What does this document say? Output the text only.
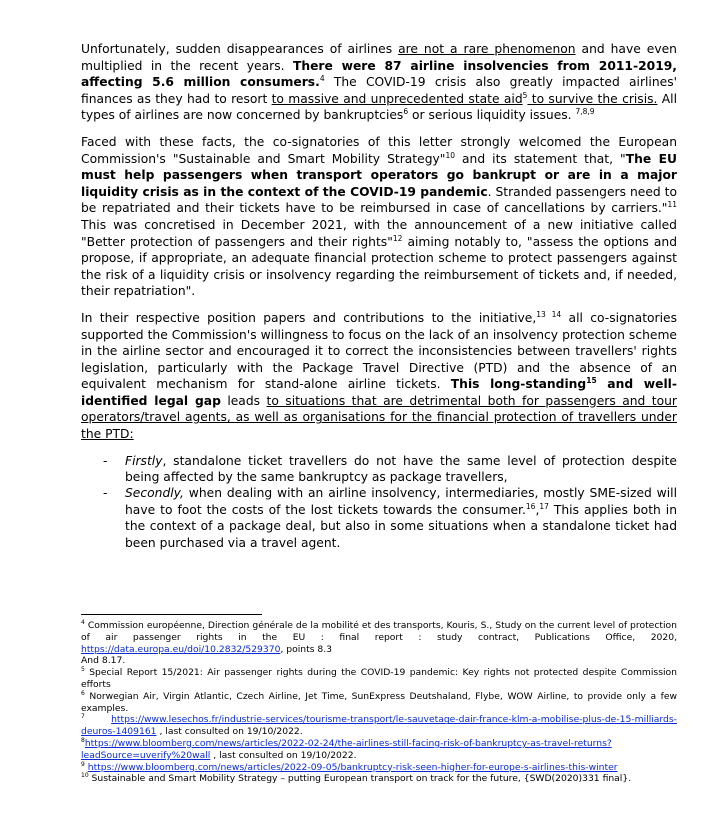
Unfortunately, sudden disappearances of airlines are not a rare phenomenon and have even multiplied in the recent years. There were 87 airline insolvencies from 2011-2019, affecting 5.6 million consumers.$^4$ The COVID-19 crisis also greatly impacted airlines' finances as they had to resort to massive and unprecedented state aid$^5$ to survive the crisis. All types of airlines are now concerned by bankruptcies$^6$ or serious liquidity issues. $^{7,8,9}$

Faced with these facts, the co-signatories of this letter strongly welcomed the European Commission's "Sustainable and Smart Mobility Strategy"$^{10}$ and its statement that, "The EU must help passengers when transport operators go bankrupt or are in a major liquidity crisis as in the context of the COVID-19 pandemic. Stranded passengers need to be repatriated and their tickets have to be reimbursed in case of cancellations by carriers."$^{11}$ This was concretised in December 2021, with the announcement of a new initiative called "Better protection of passengers and their rights"$^{12}$ aiming notably to, "assess the options and propose, if appropriate, an adequate financial protection scheme to protect passengers against the risk of a liquidity crisis or insolvency regarding the reimbursement of tickets and, if needed, their repatriation".

In their respective position papers and contributions to the initiative,$^{13 14}$ all co-signatories supported the Commission's willingness to focus on the lack of an insolvency protection scheme in the airline sector and encouraged it to correct the inconsistencies between travellers' rights legislation, particularly with the Package Travel Directive (PTD) and the absence of an equivalent mechanism for stand-alone airline tickets. This long-standing$^{15}$ and well-identified legal gap leads to situations that are detrimental both for passengers and tour operators/travel agents, as well as organisations for the financial protection of travellers under the PTD:

- Firstly, standalone ticket travellers do not have the same level of protection despite being affected by the same bankruptcy as package travellers,
- Secondly, when dealing with an airline insolvency, intermediaries, mostly SME-sized will have to foot the costs of the lost tickets towards the consumer.$^{16}$,$^{17}$ This applies both in the context of a package deal, but also in some situations when a standalone ticket had been purchased via a travel agent.

$^4$ Commission européenne, Direction générale de la mobilité et des transports, Kouris, S., Study on the current level of protection of air passenger rights in the EU : final report : study contract, Publications Office, 2020, https://data.europa.eu/doi/10.2832/529370, points 8.3
And 8.17.

$^5$ Special Report 15/2021: Air passenger rights during the COVID-19 pandemic: Key rights not protected despite Commission efforts

$^6$ Norwegian Air, Virgin Atlantic, Czech Airline, Jet Time, SunExpress Deutshaland, Flybe, WOW Airline, to provide only a few examples.

$^7$	https://www.lesechos.fr/industrie-services/tourisme-transport/le-sauvetage-dair-france-klm-a-mobilise-plus-de-15-milliards-deuros-1409161 , last consulted on 19/10/2022.

$^8$https://www.bloomberg.com/news/articles/2022-02-24/the-airlines-still-facing-risk-of-bankruptcy-as-travel-returns?leadSource=uverify%20wall , last consulted on 19/10/2022.

$^9$ https://www.bloomberg.com/news/articles/2022-09-05/bankruptcy-risk-seen-higher-for-europe-s-airlines-this-winter

$^{10}$ Sustainable and Smart Mobility Strategy – putting European transport on track for the future, {SWD(2020)331 final}.
